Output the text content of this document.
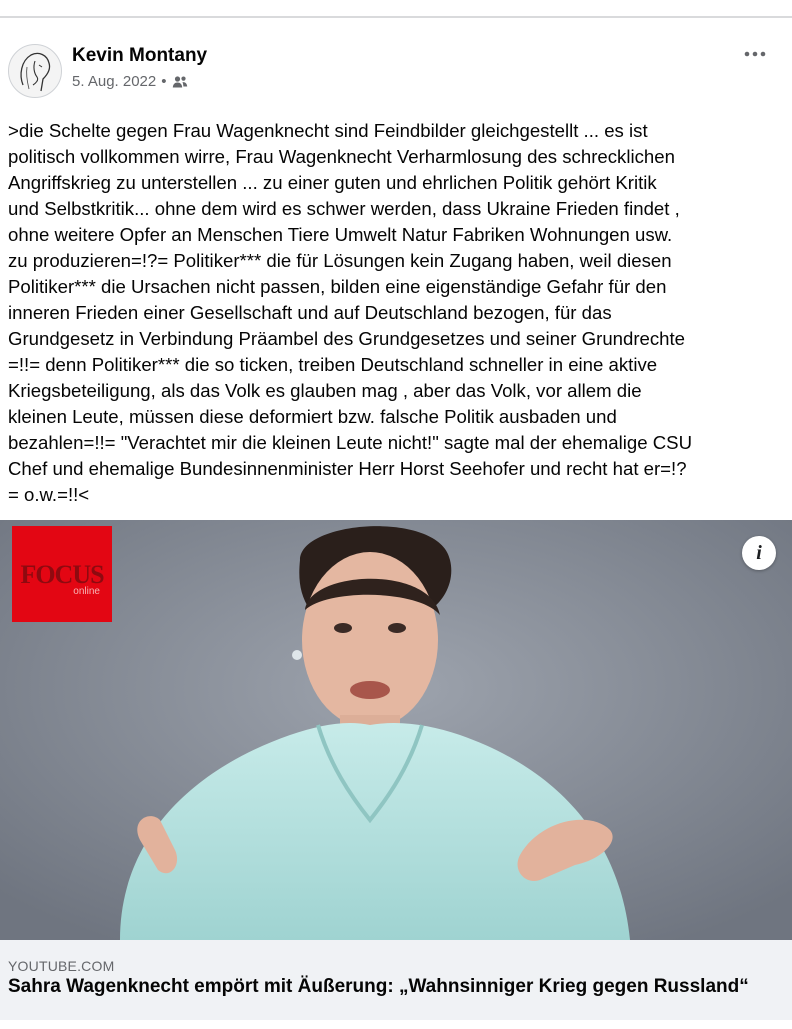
Kevin Montany
5. Aug. 2022 •
>die Schelte gegen Frau Wagenknecht sind Feindbilder gleichgestellt ... es ist
politisch vollkommen wirre, Frau Wagenknecht Verharmlosung des schrecklichen
Angriffskrieg zu unterstellen ... zu einer guten und ehrlichen Politik gehört Kritik
und Selbstkritik... ohne dem wird es schwer werden, dass Ukraine Frieden findet ,
ohne weitere Opfer an Menschen Tiere Umwelt Natur Fabriken Wohnungen usw.
zu produzieren=!?= Politiker*** die für Lösungen kein Zugang haben, weil diesen
Politiker*** die Ursachen nicht passen, bilden eine eigenständige Gefahr für den
inneren Frieden einer Gesellschaft und auf Deutschland bezogen, für das
Grundgesetz in Verbindung Präambel des Grundgesetzes und seiner Grundrechte
=!!= denn Politiker*** die so ticken, treiben Deutschland schneller in eine aktive
Kriegsbeteiligung, als das Volk es glauben mag , aber das Volk, vor allem die
kleinen Leute, müssen diese deformiert bzw. falsche Politik ausbaden und
bezahlen=!!= "Verachtet mir die kleinen Leute nicht!" sagte mal der ehemalige CSU
Chef und ehemalige Bundesinnenminister Herr Horst Seehofer und recht hat er=!?
= o.w.=!!<
FOCUS
online
i
YOUTUBE.COM
Sahra Wagenknecht empört mit Äußerung: „Wahnsinniger Krieg gegen Russland“
